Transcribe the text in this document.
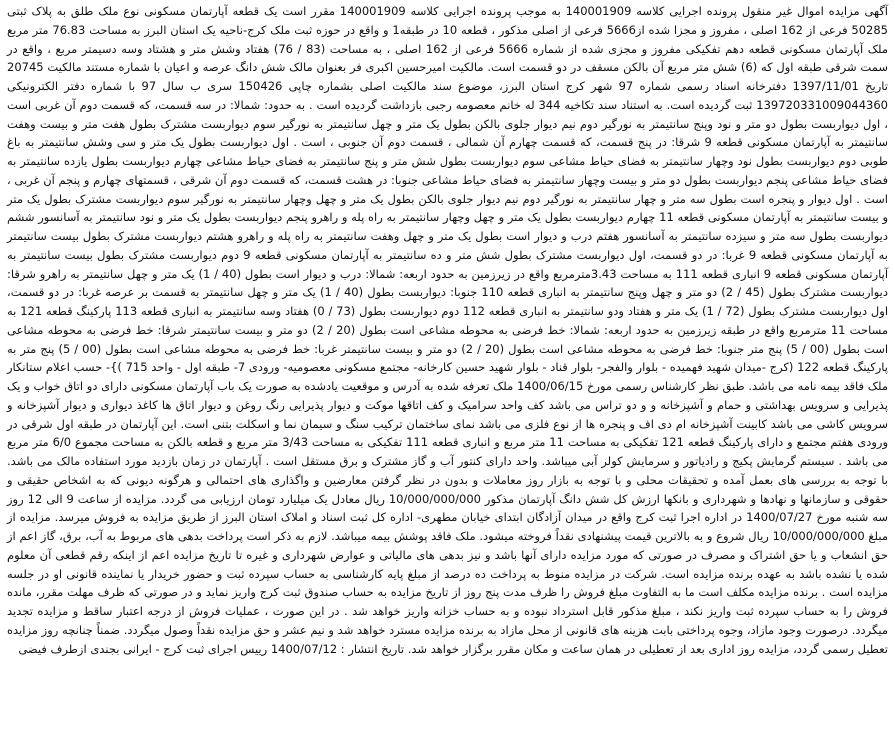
آگهی مزایده اموال غیر منقول پرونده اجرایی کلاسه 140001909 به موجب پرونده اجرایی کلاسه 140001909 مقرر است یک قطعه آپارتمان مسکونی نوع ملک طلق به پلاک ثبتی 50285 فرعی از 162 اصلی ، مفروز و مجزا شده از5666 فرعی از اصلی مذکور ، قطعه 10 در طبقه1 و واقع در حوزه ثبت ملک کرج-ناحیه یک استان البرز به مساحت 76.83 متر مربع ملک آپارتمان مسکونی قطعه دهم تفکیکی مفروز و مجزی شده از شماره 5666 فرعی از 162 اصلی ، به مساحت (83 / 76) هفتاد وشش متر و هشتاد وسه دسیمتر مربع ، واقع در سمت شرقی طبقه اول که (6) شش متر مربع آن بالکن مسقف در دو قسمت است. مالکیت امیرحسین اکبری فر بعنوان مالک شش دانگ عرصه و اعیان با شماره مستند مالکیت 20745 تاریخ 1397/11/01 دفترخانه اسناد رسمی شماره 97 شهر کرج استان البرز، موضوع سند مالکیت اصلی بشماره چاپی 150426 سری ب سال 97 با شماره دفتر الکترونیکی 139720331009044360 ثبت گردیده است. به استناد سند تکاخیه 344 له خانم معصومه رجبی بازداشت گردیده است . به حدود: شمالا: در سه قسمت، که قسمت دوم آن غربی است ، اول دیواربست بطول دو متر و نود وپنج سانتیمتر به نورگیر دوم نیم دیوار جلوی بالکن بطول یک متر و چهل سانتیمتر به نورگیر سوم دیواربست مشترک بطول هفت متر و بیست وهفت سانتیمتر به آپارتمان مسکونی قطعه 9 شرقا: در پنج قسمت، که قسمت چهارم آن شمالی ، قسمت دوم آن جنوبی ، است . اول دیواربست بطول یک متر و سی وشش سانتیمتر به باغ طوبی دوم دیواربست بطول نود وچهار سانتیمتر به فضای حیاط مشاعی سوم دیواربست بطول شش متر و پنج سانتیمتر به فضای حیاط مشاعی چهارم دیواربست بطول یازده سانتیمتر به فضای حیاط مشاعی پنجم دیواربست بطول دو متر و بیست وچهار سانتیمتر به فضای حیاط مشاعی جنوبا: در هشت قسمت، که قسمت دوم آن شرقی ، قسمتهای چهارم و پنجم آن غربی ، است . اول دیوار و پنجره است بطول سه متر و چهار سانتیمتر به نورگیر دوم نیم دیوار جلوی بالکن بطول یک متر و چهل وچهار سانتیمتر به نورگیر سوم دیواربست مشترک بطول یک متر و بیست سانتیمتر به آپارتمان مسکونی قطعه 11 چهارم دیواربست بطول یک متر و چهل وچهار سانتیمتر به راه پله و راهرو پنجم دیواربست بطول یک متر و نود سانتیمتر به آسانسور ششم دیواربست بطول سه متر و سیزده سانتیمتر به آسانسور هفتم درب و دیوار است بطول یک متر و چهل وهفت سانتیمتر به راه پله و راهرو هشتم دیواربست مشترک بطول بیست سانتیمتر به آپارتمان مسکونی قطعه 9 غربا: در دو قسمت، اول دیواربست مشترک بطول شش متر و ده سانتیمتر به آپارتمان مسکونی قطعه 9 دوم دیواربست مشترک بطول بیست سانتیمتر به آپارتمان مسکونی قطعه 9 انباری قطعه 111 به مساحت 3.43مترمربع واقع در زیرزمین به حدود اربعه: شمالا: درب و دیوار است بطول (40 / 1) یک متر و چهل سانتیمتر به راهرو شرقا: دیواربست مشترک بطول (45 / 2) دو متر و چهل وپنج سانتیمتر به انباری قطعه 110 جنوبا: دیواربست بطول (40 / 1) یک متر و چهل سانتیمتر به قسمت بر عرصه غربا: در دو قسمت، اول دیواربست مشترک بطول (72 / 1) یک متر و هفتاد ودو سانتیمتر به انباری قطعه 112 دوم دیواربست بطول (73 / 0) هفتاد وسه سانتیمتر به انباری قطعه 113 پارکینگ قطعه 121 به مساحت 11 مترمربع واقع در طبقه زیرزمین به حدود اربعه: شمالا: خط فرضی به محوطه مشاعی است بطول (20 / 2) دو متر و بیست سانتیمتر شرقا: خط فرضی به محوطه مشاعی است بطول (00 / 5) پنج متر جنوبا: خط فرضی به محوطه مشاعی است بطول (20 / 2) دو متر و بیست سانتیمتر غربا: خط فرضی به محوطه مشاعی است بطول (00 / 5) پنج متر به پارکینگ قطعه 122 (کرج -میدان شهید فهمیده - بلوار والفجر- بلوار قناد - بلوار شهید حسین کارخانه- مجتمع مسکونی معصومیه- ورودی 7- طبقه اول - واحد 715 )}- حسب اعلام ستانکار ملک فاقد بیمه نامه می باشد. طبق نظر کارشناس رسمی مورخ 1400/06/15 ملک تعرفه شده به آدرس و موقعیت یادشده به صورت یک باب آپارتمان مسکونی دارای دو اتاق خواب و یک پذیرایی و سرویس بهداشتی و حمام و آشپزخانه و و دو تراس می باشد کف واحد سرامیک و کف اتاقها موکت و دیوار پذیرایی رنگ روغن و دیوار اتاق ها کاغذ دیواری و دیوار آشپزخانه و سرویس کاشی می باشد کابینت آشپزخانه ام دی اف و پنجره ها از نوع فلزی می باشد نمای ساختمان ترکیب سنگ و سیمان نما و اسکلت بتنی است. این آپارتمان در طبقه اول شرقی در ورودی هفتم مجتمع و دارای پارکینگ قطعه 121 تفکیکی به مساحت 11 متر مربع و انباری قطعه 111 تفکیکی به مساحت 3/43 متر مربع و قطعه بالکن به مساحت مجموع 6/0 متر مربع می باشد . سیستم گرمایش پکیج و رادیاتور و سرمایش کولر آبی میباشد. واحد دارای کنتور آب و گاز مشترک و برق مستقل است . آپارتمان در زمان بازدید مورد استفاده مالک می باشد. با توجه به بررسی های بعمل آمده و تحقیقات محلی و با توجه به بازار روز معاملات و بدون در نظر گرفتن معارضین و واگذاری های احتمالی و هرگونه دیونی که به اشخاص حقیقی و حقوقی و سازمانها و نهادها و شهرداری و بانکها ارزش کل شش دانگ آپارتمان مذکور 10/000/000/000 ریال معادل یک میلیارد تومان ارزیابی می گردد. مزایده از ساعت 9 الی 12 روز سه شنبه مورخ 1400/07/27 در اداره اجرا ثبت کرج واقع در میدان آزادگان ابتدای خیابان مطهری- اداره کل ثبت اسناد و املاک استان البرز از طریق مزایده به فروش میرسد. مزایده از مبلغ 10/000/000/000 ریال شروع و به بالاترین قیمت پیشنهادی نقداً فروخته میشود. ملک فاقد پوشش بیمه میباشد. لازم به ذکر است پرداخت بدهی های مربوط به آب، برق، گاز اعم از حق انشعاب و یا حق اشتراک و مصرف در صورتی که مورد مزایده دارای آنها باشد و نیز بدهی های مالیاتی و عوارض شهرداری و غیره تا تاریخ مزایده اعم از اینکه رقم قطعی آن معلوم شده یا نشده باشد به عهده برنده مزایده است. شرکت در مزایده منوط به پرداخت ده درصد از مبلغ پایه کارشناسی به حساب سپرده ثبت و حضور خریدار یا نماینده قانونی او در جلسه مزایده است . برنده مزایده مکلف است ما به التفاوت مبلغ فروش را ظرف مدت پنج روز از تاریخ مزایده به حساب صندوق ثبت کرج واریز نماید و در صورتی که ظرف مهلت مقرر، مانده فروش را به حساب سپرده ثبت واریز نکند ، مبلغ مذکور قابل استرداد نبوده و به حساب خزانه واریز خواهد شد . در این صورت ، عملیات فروش از درجه اعتبار ساقط و مزایده تجدید میگردد. درصورت وجود مازاد، وجوه پرداختی بابت هزینه های قانونی از محل مازاد به برنده مزایده مسترد خواهد شد و نیم عشر و حق مزایده نقداً وصول میگردد. ضمناً چنانچه روز مزایده تعطیل رسمی گردد، مزایده روز اداری بعد از تعطیلی در همان ساعت و مکان مقرر برگزار خواهد شد. تاریخ انتشار : 1400/07/12 رییس اجرای ثبت کرج - ایرانی بجندی ازطرف فیضی
